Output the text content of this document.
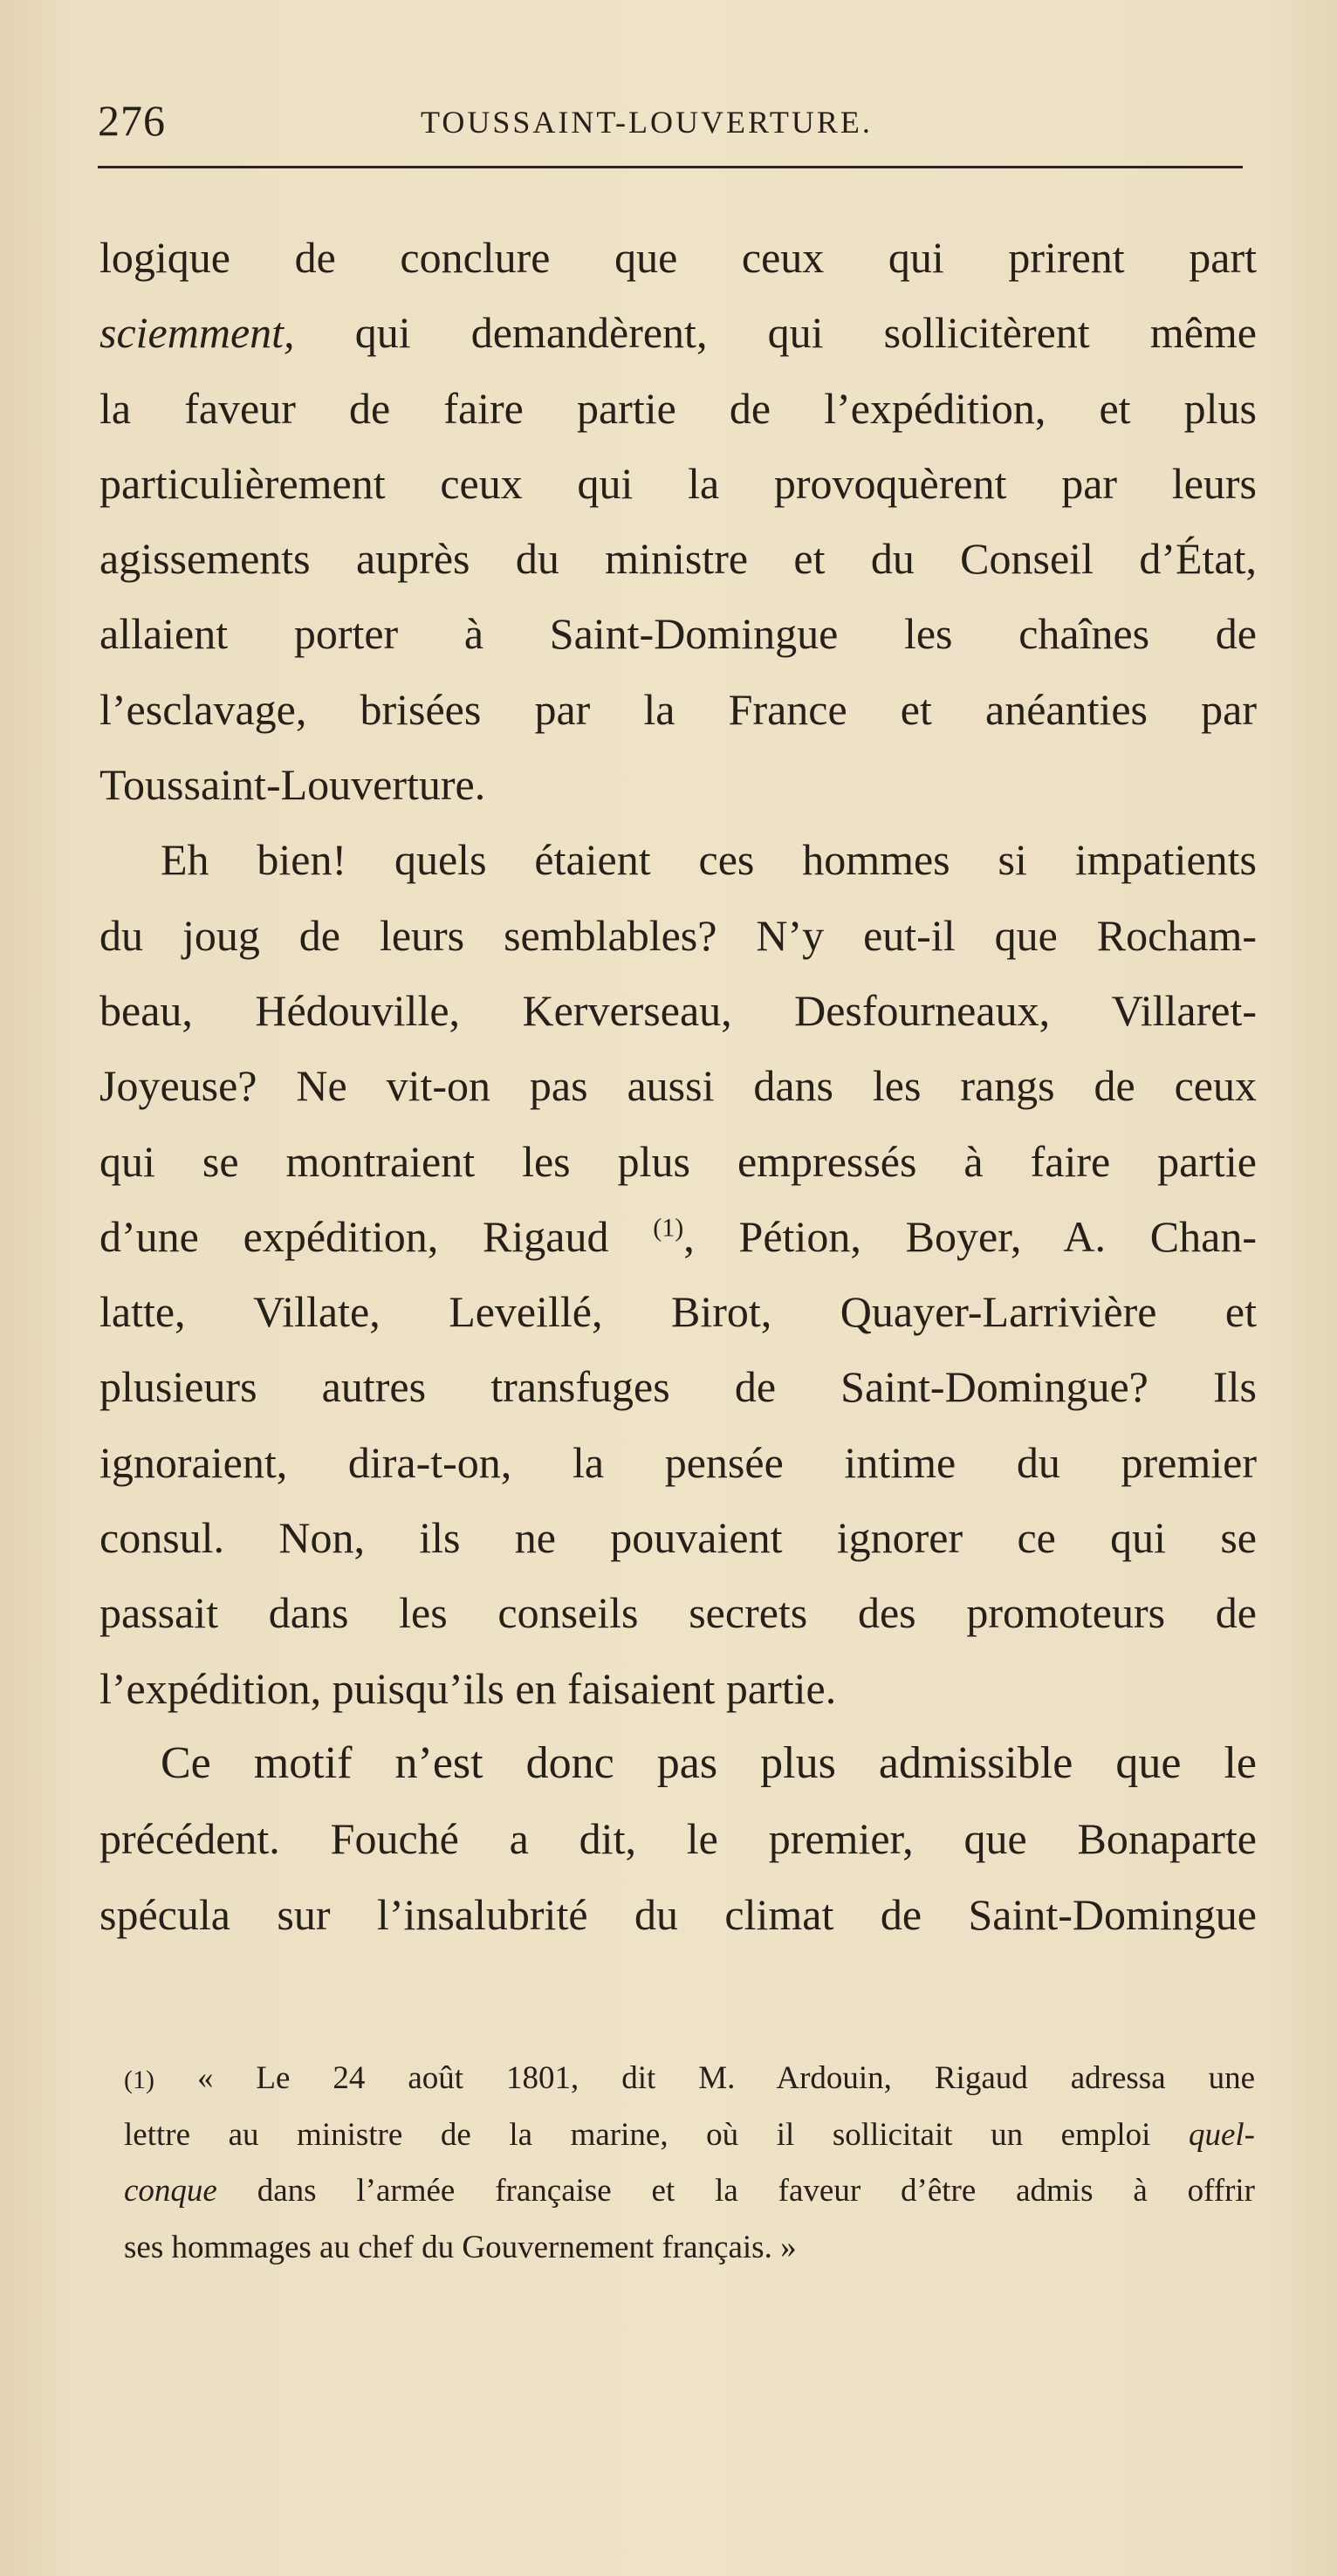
276	TOUSSAINT-LOUVERTURE.
logique de conclure que ceux qui prirent part
sciemment, qui demandèrent, qui sollicitèrent même
la faveur de faire partie de l’expédition, et plus
particulièrement ceux qui la provoquèrent par leurs
agissements auprès du ministre et du Conseil d’État,
allaient porter à Saint-Domingue les chaînes de
l’esclavage, brisées par la France et anéanties par
Toussaint-Louverture.
Eh bien! quels étaient ces hommes si impatients
du joug de leurs semblables? N’y eut-il que Rocham-
beau, Hédouville, Kerverseau, Desfourneaux, Villaret-
Joyeuse? Ne vit-on pas aussi dans les rangs de ceux
qui se montraient les plus empressés à faire partie
d’une expédition, Rigaud $^{(1)}$, Pétion, Boyer, A. Chan-
latte, Villate, Leveillé, Birot, Quayer-Larrivière et
plusieurs autres transfuges de Saint-Domingue? Ils
ignoraient, dira-t-on, la pensée intime du premier
consul. Non, ils ne pouvaient ignorer ce qui se
passait dans les conseils secrets des promoteurs de
l’expédition, puisqu’ils en faisaient partie.
Ce motif n’est donc pas plus admissible que le
précédent. Fouché a dit, le premier, que Bonaparte
spécula sur l’insalubrité du climat de Saint-Domingue
(1) « Le 24 août 1801, dit M. Ardouin, Rigaud adressa une
lettre au ministre de la marine, où il sollicitait un emploi quel-
conque dans l’armée française et la faveur d’être admis à offrir
ses hommages au chef du Gouvernement français. »
